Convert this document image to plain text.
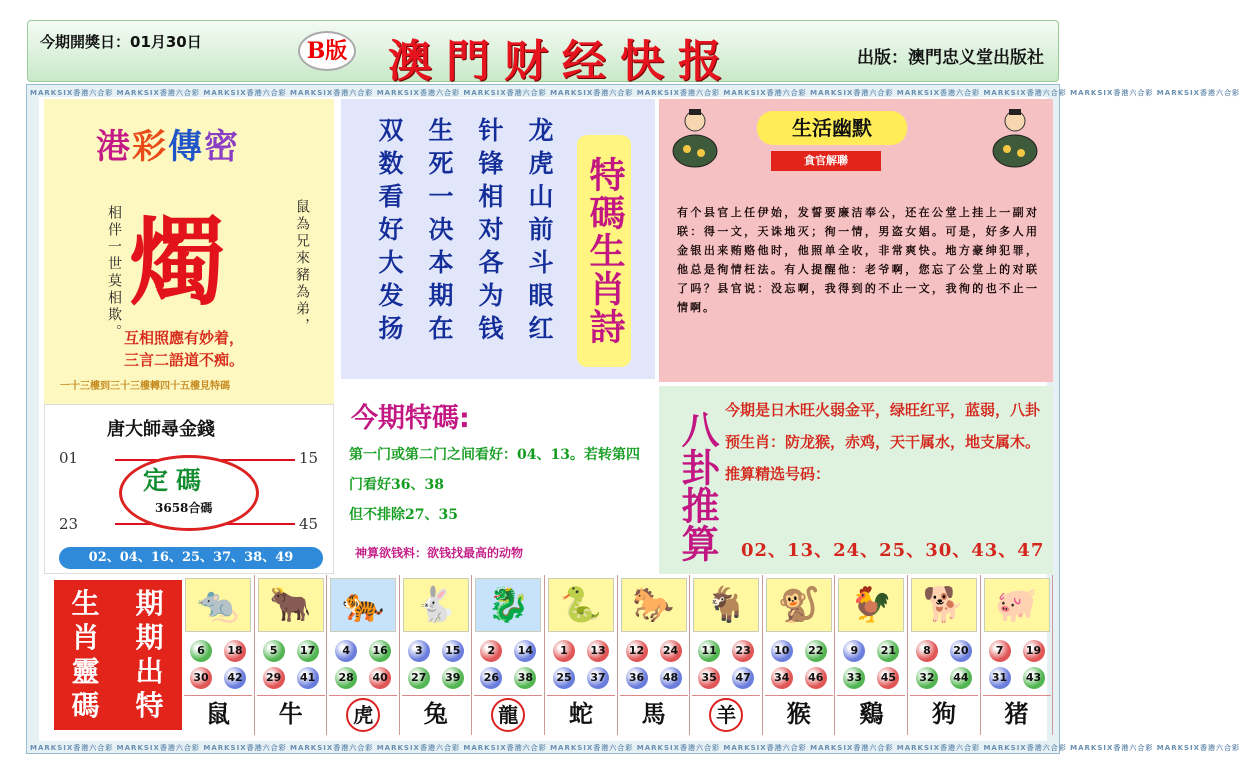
今期開獎日：01月30日	B版 澳門财经快报	出版：澳門忠义堂出版社
MARKSIX香港六合彩 MARKSIX香港六合彩 MARKSIX香港六合彩 MARKSIX香港六合彩 MARKSIX香港六合彩 MARKSIX香港六合彩 MARKSIX香港六合彩 MARKSIX香港六合彩 MARKSIX香港六合彩 MARKSIX香港六合彩 MARKSIX香港六合彩 MARKSIX香港六合彩 MARKSIX香港六合彩 MARKSIX香港六合彩
MARKSIX香港六合彩 MARKSIX香港六合彩 MARKSIX香港六合彩 MARKSIX香港六合彩 MARKSIX香港六合彩 MARKSIX香港六合彩 MARKSIX香港六合彩 MARKSIX香港六合彩 MARKSIX香港六合彩 MARKSIX香港六合彩 MARKSIX香港六合彩 MARKSIX香港六合彩 MARKSIX香港六合彩 MARKSIX香港六合彩
港彩傳密
燭
相伴一世莫相欺。	鼠為兄來豬為弟，
互相照應有妙着，
三言二語道不痴。
一十三樓到三十三樓轉四十五樓見特碼
龙虎山前斗眼红
针锋相对各为钱
生死一决本期在
双数看好大发扬	特碼生肖詩
生活幽默
貪官解聯
有个县官上任伊始，发誓要廉洁奉公，还在公堂上挂上一副对联：得一文，天诛地灭；徇一情，男盗女娼。可是，好多人用金银出来贿赂他时，他照单全收，非常爽快。地方豪绅犯罪，他总是徇情枉法。有人提醒他：老爷啊，您忘了公堂上的对联了吗？县官说：没忘啊，我得到的不止一文，我徇的也不止一情啊。
唐大師尋金錢
01	15
23	45
定碼
3658合碼
02、04、16、25、37、38、49
今期特碼:
第一门或第二门之间看好：04、13。若转第四门看好36、38
但不排除27、35
神算欲钱料：欲钱找最高的动物	八卦推算 今期是日木旺火弱金平，绿旺红平，蓝弱，八卦预生肖：防龙猴，赤鸡，天干属水，地支属木。推算精选号码：
02、13、24、25、30、43、47
生	期
肖	期
靈	出
碼	特
🐀
6	18
30	42
鼠
🐂
5	17
29	41
牛
🐅
4	16
28	40
虎
🐇
3	15
27	39
兔
🐉
2	14
26	38
龍
🐍
1	13
25	37
蛇
🐎
12	24
36	48
馬
🐐
11	23
35	47
羊
🐒
10	22
34	46
猴
🐓
9	21
33	45
鷄
🐕
8	20
32	44
狗
🐖
7	19
31	43
猪
